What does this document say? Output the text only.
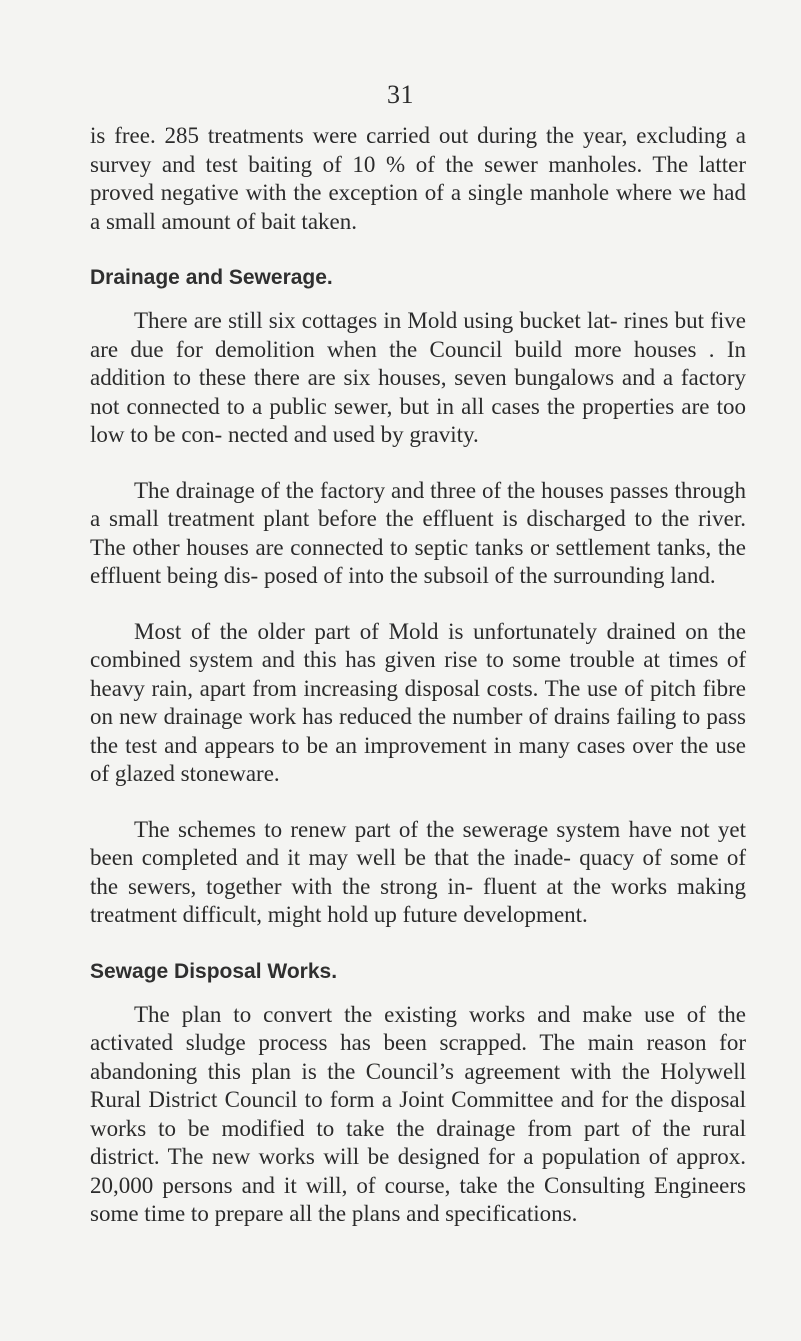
31

is free. 285 treatments were carried out during the year, excluding a survey and test baiting of 10 % of the sewer manholes. The latter proved negative with the exception of a single manhole where we had a small amount of bait taken.

Drainage and Sewerage.

There are still six cottages in Mold using bucket lat- rines but five are due for demolition when the Council build more houses . In addition to these there are six houses, seven bungalows and a factory not connected to a public sewer, but in all cases the properties are too low to be con- nected and used by gravity.

The drainage of the factory and three of the houses passes through a small treatment plant before the effluent is discharged to the river. The other houses are connected to septic tanks or settlement tanks, the effluent being dis- posed of into the subsoil of the surrounding land.

Most of the older part of Mold is unfortunately drained on the combined system and this has given rise to some trouble at times of heavy rain, apart from increasing disposal costs. The use of pitch fibre on new drainage work has reduced the number of drains failing to pass the test and appears to be an improvement in many cases over the use of glazed stoneware.

The schemes to renew part of the sewerage system have not yet been completed and it may well be that the inade- quacy of some of the sewers, together with the strong in- fluent at the works making treatment difficult, might hold up future development.

Sewage Disposal Works.

The plan to convert the existing works and make use of the activated sludge process has been scrapped. The main reason for abandoning this plan is the Council’s agreement with the Holywell Rural District Council to form a Joint Committee and for the disposal works to be modified to take the drainage from part of the rural district. The new works will be designed for a population of approx. 20,000 persons and it will, of course, take the Consulting Engineers some time to prepare all the plans and specifications.
